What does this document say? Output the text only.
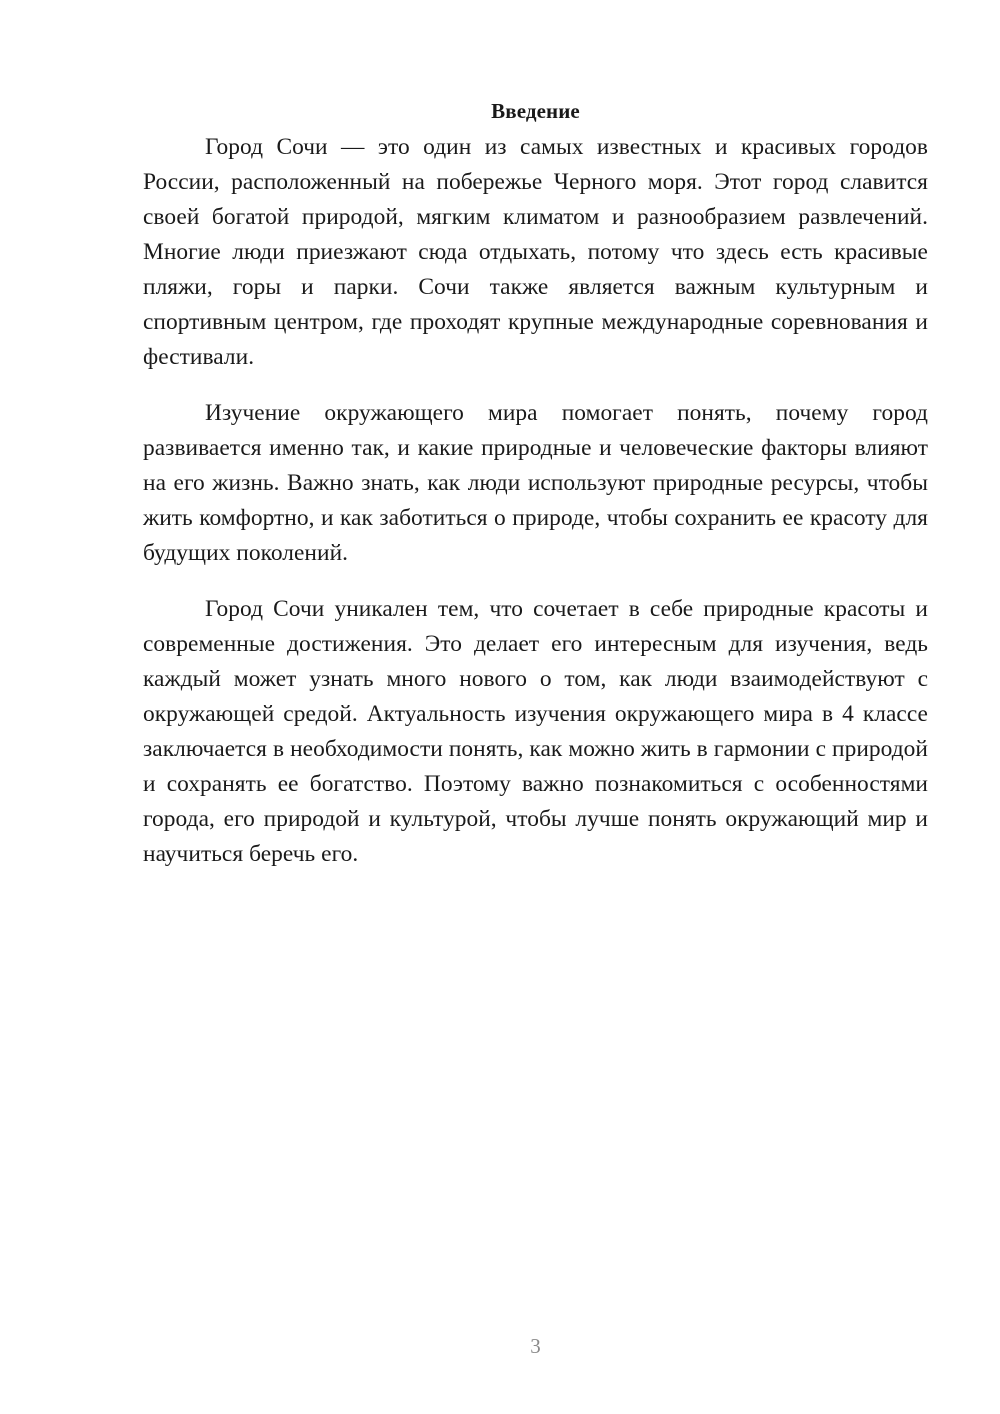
Введение

Город Сочи — это один из самых известных и красивых городов России, расположенный на побережье Черного моря. Этот город славится своей богатой природой, мягким климатом и разнообразием развлечений. Многие люди приезжают сюда отдыхать, потому что здесь есть красивые пляжи, горы и парки. Сочи также является важным культурным и спортивным центром, где проходят крупные международные соревнования и фестивали.

Изучение окружающего мира помогает понять, почему город развивается именно так, и какие природные и человеческие факторы влияют на его жизнь. Важно знать, как люди используют природные ресурсы, чтобы жить комфортно, и как заботиться о природе, чтобы сохранить ее красоту для будущих поколений.

Город Сочи уникален тем, что сочетает в себе природные красоты и современные достижения. Это делает его интересным для изучения, ведь каждый может узнать много нового о том, как люди взаимодействуют с окружающей средой. Актуальность изучения окружающего мира в 4 классе заключается в необходимости понять, как можно жить в гармонии с природой и сохранять ее богатство. Поэтому важно познакомиться с особенностями города, его природой и культурой, чтобы лучше понять окружающий мир и научиться беречь его.

3
